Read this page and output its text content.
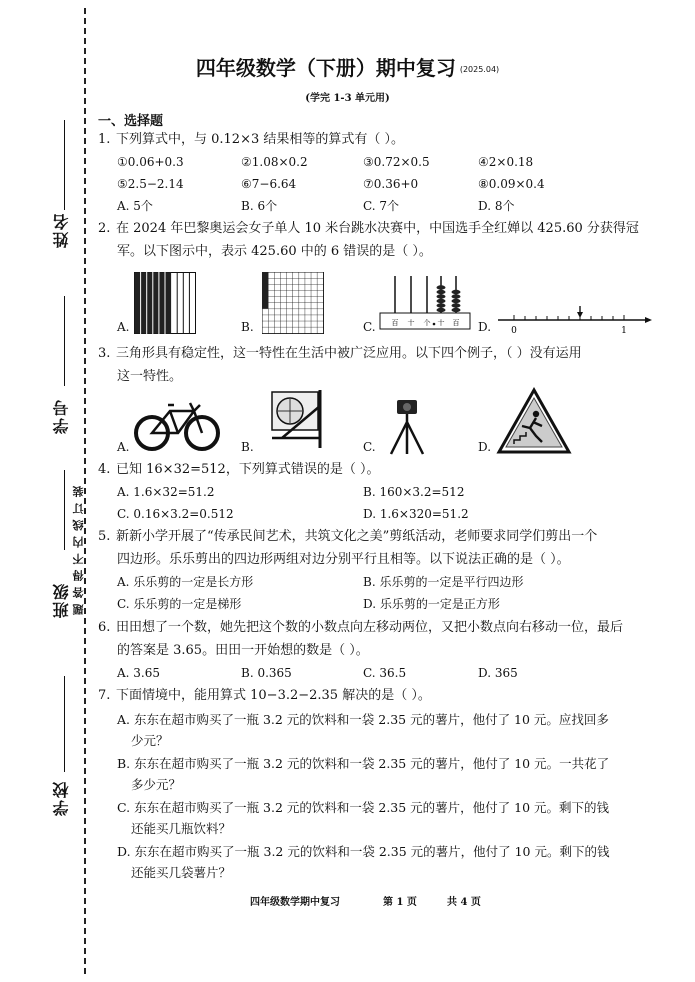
姓名
学号
班级
学校
题 答 得 不 内 线 订 装
四年级数学（下册）期中复习 (2025.04)
(学完 1-3 单元用)
一、选择题
1. 下列算式中，与 0.12×3 结果相等的算式有（ ）。
①0.06+0.3	②1.08×0.2	③0.72×0.5	④2×0.18
⑤2.5−2.14	⑥7−6.64	⑦0.36+0	⑧0.09×0.4
A. 5个	B. 6个	C. 7个	D. 8个
2. 在 2024 年巴黎奥运会女子单人 10 米台跳水决赛中，中国选手全红婵以 425.60 分获得冠
军。以下图示中，表示 425.60 中的 6 错误的是（ ）。
A.	B.	C. 百 十 个 十 百 D. 0	1
3. 三角形具有稳定性，这一特性在生活中被广泛应用。以下四个例子，（ ）没有运用
这一特性。
A.	B.	C.	D.
4. 已知 16×32=512，下列算式错误的是（ ）。
A. 1.6×32=51.2	B. 160×3.2=512
C. 0.16×3.2=0.512	D. 1.6×320=51.2
5. 新新小学开展了“传承民间艺术，共筑文化之美”剪纸活动，老师要求同学们剪出一个
四边形。乐乐剪出的四边形两组对边分别平行且相等。以下说法正确的是（ ）。
A. 乐乐剪的一定是长方形	B. 乐乐剪的一定是平行四边形
C. 乐乐剪的一定是梯形	D. 乐乐剪的一定是正方形
6. 田田想了一个数，她先把这个数的小数点向左移动两位，又把小数点向右移动一位，最后
的答案是 3.65。田田一开始想的数是（ ）。
A. 3.65	B. 0.365	C. 36.5	D. 365
7. 下面情境中，能用算式 10−3.2−2.35 解决的是（ ）。
A. 东东在超市购买了一瓶 3.2 元的饮料和一袋 2.35 元的薯片，他付了 10 元。应找回多
少元？
B. 东东在超市购买了一瓶 3.2 元的饮料和一袋 2.35 元的薯片，他付了 10 元。一共花了
多少元？
C. 东东在超市购买了一瓶 3.2 元的饮料和一袋 2.35 元的薯片，他付了 10 元。剩下的钱
还能买几瓶饮料？
D. 东东在超市购买了一瓶 3.2 元的饮料和一袋 2.35 元的薯片，他付了 10 元。剩下的钱
还能买几袋薯片？
四年级数学期中复习	第 1 页	共 4 页
